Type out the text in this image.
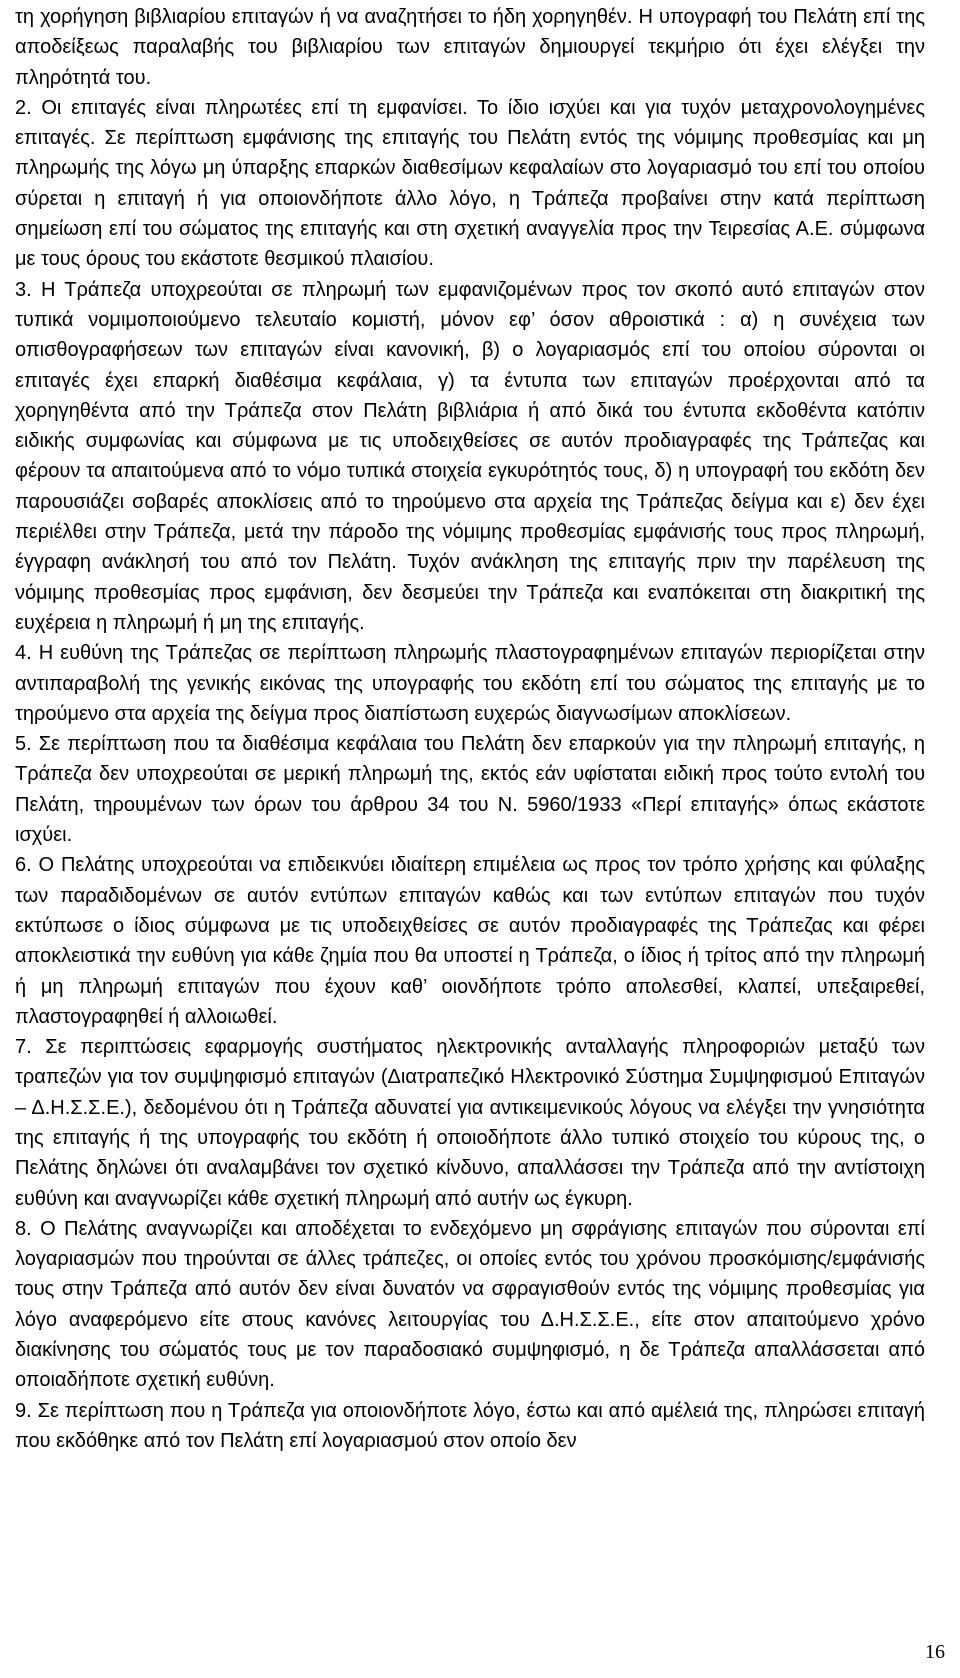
τη χορήγηση βιβλιαρίου επιταγών ή να αναζητήσει το ήδη χορηγηθέν. Η υπογραφή του Πελάτη επί της αποδείξεως παραλαβής του βιβλιαρίου των επιταγών δημιουργεί τεκμήριο ότι έχει ελέγξει την πληρότητά του.

2. Οι επιταγές είναι πληρωτέες επί τη εμφανίσει. Το ίδιο ισχύει και για τυχόν μεταχρονολογημένες επιταγές. Σε περίπτωση εμφάνισης της επιταγής του Πελάτη εντός της νόμιμης προθεσμίας και μη πληρωμής της λόγω μη ύπαρξης επαρκών διαθεσίμων κεφαλαίων στο λογαριασμό του επί του οποίου σύρεται η επιταγή ή για οποιονδήποτε άλλο λόγο, η Τράπεζα προβαίνει στην κατά περίπτωση σημείωση επί του σώματος της επιταγής και στη σχετική αναγγελία προς την Τειρεσίας Α.Ε. σύμφωνα με τους όρους του εκάστοτε θεσμικού πλαισίου.

3. Η Τράπεζα υποχρεούται σε πληρωμή των εμφανιζομένων προς τον σκοπό αυτό επιταγών στον τυπικά νομιμοποιούμενο τελευταίο κομιστή, μόνον εφ’ όσον αθροιστικά : α) η συνέχεια των οπισθογραφήσεων των επιταγών είναι κανονική, β) ο λογαριασμός επί του οποίου σύρονται οι επιταγές έχει επαρκή διαθέσιμα κεφάλαια, γ) τα έντυπα των επιταγών προέρχονται από τα χορηγηθέντα από την Τράπεζα στον Πελάτη βιβλιάρια ή από δικά του έντυπα εκδοθέντα κατόπιν ειδικής συμφωνίας και σύμφωνα με τις υποδειχθείσες σε αυτόν προδιαγραφές της Τράπεζας και φέρουν τα απαιτούμενα από το νόμο τυπικά στοιχεία εγκυρότητός τους, δ) η υπογραφή του εκδότη δεν παρουσιάζει σοβαρές αποκλίσεις από το τηρούμενο στα αρχεία της Τράπεζας δείγμα και ε) δεν έχει περιέλθει στην Τράπεζα, μετά την πάροδο της νόμιμης προθεσμίας εμφάνισής τους προς πληρωμή, έγγραφη ανάκλησή του από τον Πελάτη. Τυχόν ανάκληση της επιταγής πριν την παρέλευση της νόμιμης προθεσμίας προς εμφάνιση, δεν δεσμεύει την Τράπεζα και εναπόκειται στη διακριτική της ευχέρεια η πληρωμή ή μη της επιταγής.

4. Η ευθύνη της Τράπεζας σε περίπτωση πληρωμής πλαστογραφημένων επιταγών περιορίζεται στην αντιπαραβολή της γενικής εικόνας της υπογραφής του εκδότη επί του σώματος της επιταγής με το τηρούμενο στα αρχεία της δείγμα προς διαπίστωση ευχερώς διαγνωσίμων αποκλίσεων.

5. Σε περίπτωση που τα διαθέσιμα κεφάλαια του Πελάτη δεν επαρκούν για την πληρωμή επιταγής, η Τράπεζα δεν υποχρεούται σε μερική πληρωμή της, εκτός εάν υφίσταται ειδική προς τούτο εντολή του Πελάτη, τηρουμένων των όρων του άρθρου 34 του Ν. 5960/1933 «Περί επιταγής» όπως εκάστοτε ισχύει.

6. Ο Πελάτης υποχρεούται να επιδεικνύει ιδιαίτερη επιμέλεια ως προς τον τρόπο χρήσης και φύλαξης των παραδιδομένων σε αυτόν εντύπων επιταγών καθώς και των εντύπων επιταγών που τυχόν εκτύπωσε ο ίδιος σύμφωνα με τις υποδειχθείσες σε αυτόν προδιαγραφές της Τράπεζας και φέρει αποκλειστικά την ευθύνη για κάθε ζημία που θα υποστεί η Τράπεζα, ο ίδιος ή τρίτος από την πληρωμή ή μη πληρωμή επιταγών που έχουν καθ’ οιονδήποτε τρόπο απολεσθεί, κλαπεί, υπεξαιρεθεί, πλαστογραφηθεί ή αλλοιωθεί.

7. Σε περιπτώσεις εφαρμογής συστήματος ηλεκτρονικής ανταλλαγής πληροφοριών μεταξύ των τραπεζών για τον συμψηφισμό επιταγών (Διατραπεζικό Ηλεκτρονικό Σύστημα Συμψηφισμού Επιταγών – Δ.Η.Σ.Σ.Ε.), δεδομένου ότι η Τράπεζα αδυνατεί για αντικειμενικούς λόγους να ελέγξει την γνησιότητα της επιταγής ή της υπογραφής του εκδότη ή οποιοδήποτε άλλο τυπικό στοιχείο του κύρους της, ο Πελάτης δηλώνει ότι αναλαμβάνει τον σχετικό κίνδυνο, απαλλάσσει την Τράπεζα από την αντίστοιχη ευθύνη και αναγνωρίζει κάθε σχετική πληρωμή από αυτήν ως έγκυρη.

8. Ο Πελάτης αναγνωρίζει και αποδέχεται το ενδεχόμενο μη σφράγισης επιταγών που σύρονται επί λογαριασμών που τηρούνται σε άλλες τράπεζες, οι οποίες εντός του χρόνου προσκόμισης/εμφάνισής τους στην Τράπεζα από αυτόν δεν είναι δυνατόν να σφραγισθούν εντός της νόμιμης προθεσμίας για λόγο αναφερόμενο είτε στους κανόνες λειτουργίας του Δ.Η.Σ.Σ.Ε., είτε στον απαιτούμενο χρόνο διακίνησης του σώματός τους με τον παραδοσιακό συμψηφισμό, η δε Τράπεζα απαλλάσσεται από οποιαδήποτε σχετική ευθύνη.

9. Σε περίπτωση που η Τράπεζα για οποιονδήποτε λόγο, έστω και από αμέλειά της, πληρώσει επιταγή που εκδόθηκε από τον Πελάτη επί λογαριασμού στον οποίο δεν

16
